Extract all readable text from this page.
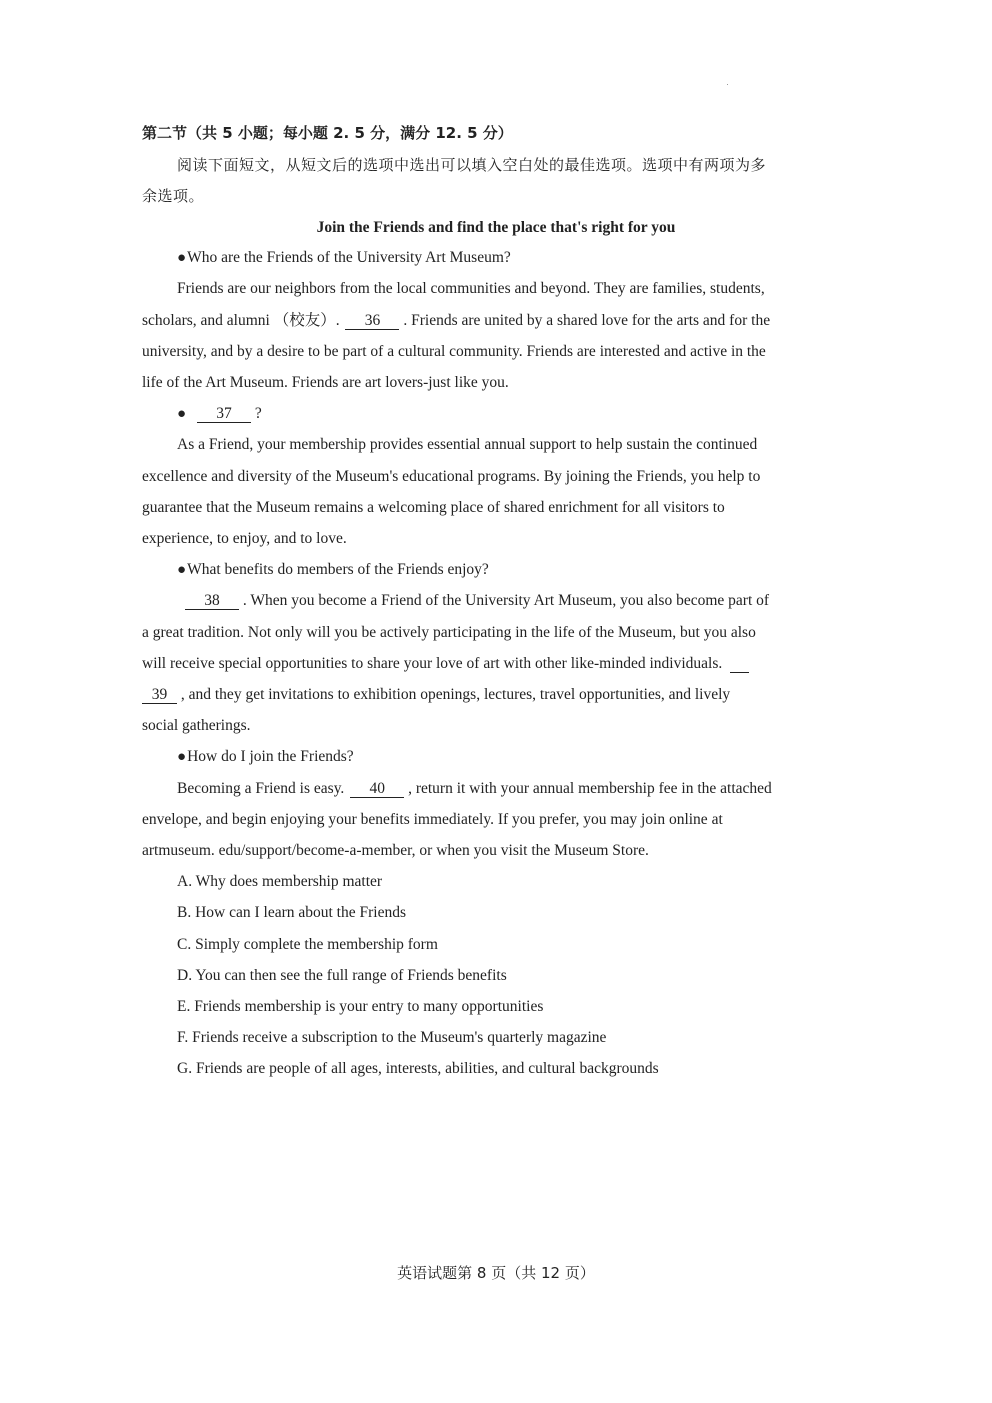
第二节（共 5 小题；每小题 2. 5 分，满分 12. 5 分）
阅读下面短文，从短文后的选项中选出可以填入空白处的最佳选项。选项中有两项为多
余选项。
Join the Friends and find the place that's right for you
●Who are the Friends of the University Art Museum?
Friends are our neighbors from the local communities and beyond. They are families, students,
scholars, and alumni （校友）. 36 . Friends are united by a shared love for the arts and for the
university, and by a desire to be part of a cultural community. Friends are interested and active in the
life of the Art Museum. Friends are art lovers-just like you.
● 37 ?
As a Friend, your membership provides essential annual support to help sustain the continued
excellence and diversity of the Museum's educational programs. By joining the Friends, you help to
guarantee that the Museum remains a welcoming place of shared enrichment for all visitors to
experience, to enjoy, and to love.
●What benefits do members of the Friends enjoy?
38 . When you become a Friend of the University Art Museum, you also become part of
a great tradition. Not only will you be actively participating in the life of the Museum, but you also
will receive special opportunities to share your love of art with other like-minded individuals.
39 , and they get invitations to exhibition openings, lectures, travel opportunities, and lively
social gatherings.
●How do I join the Friends?
Becoming a Friend is easy. 40 , return it with your annual membership fee in the attached
envelope, and begin enjoying your benefits immediately. If you prefer, you may join online at
artmuseum. edu/support/become-a-member, or when you visit the Museum Store.
A. Why does membership matter
B. How can I learn about the Friends
C. Simply complete the membership form
D. You can then see the full range of Friends benefits
E. Friends membership is your entry to many opportunities
F. Friends receive a subscription to the Museum's quarterly magazine
G. Friends are people of all ages, interests, abilities, and cultural backgrounds
英语试题第 8 页（共 12 页）
